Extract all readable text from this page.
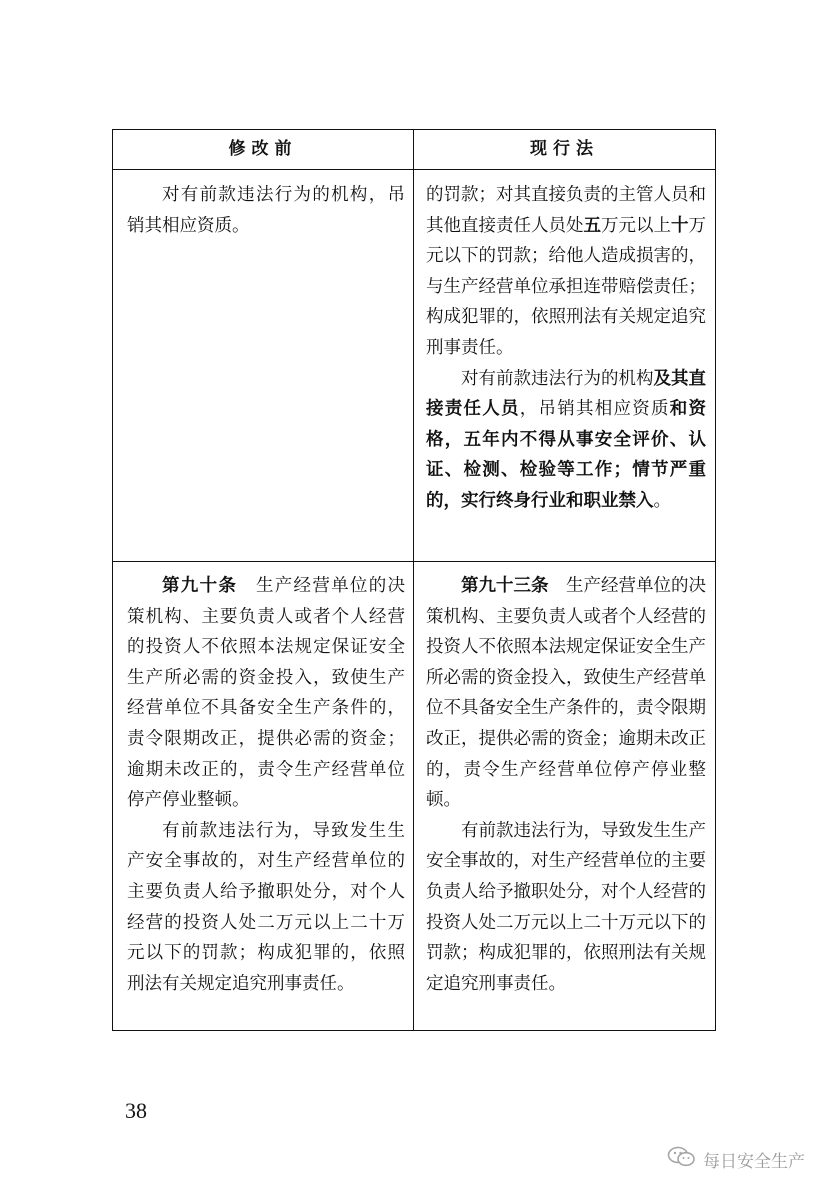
修改前	现行法

对有前款违法行为的机构，吊销其相应资质。

的罚款；对其直接负责的主管人员和其他直接责任人员处五万元以上十万元以下的罚款；给他人造成损害的，与生产经营单位承担连带赔偿责任；构成犯罪的，依照刑法有关规定追究刑事责任。

对有前款违法行为的机构及其直接责任人员，吊销其相应资质和资格，五年内不得从事安全评价、认证、检测、检验等工作；情节严重的，实行终身行业和职业禁入。

第九十条　生产经营单位的决策机构、主要负责人或者个人经营的投资人不依照本法规定保证安全生产所必需的资金投入，致使生产经营单位不具备安全生产条件的，责令限期改正，提供必需的资金；逾期未改正的，责令生产经营单位停产停业整顿。

有前款违法行为，导致发生生产安全事故的，对生产经营单位的主要负责人给予撤职处分，对个人经营的投资人处二万元以上二十万元以下的罚款；构成犯罪的，依照刑法有关规定追究刑事责任。

第九十三条　生产经营单位的决策机构、主要负责人或者个人经营的投资人不依照本法规定保证安全生产所必需的资金投入，致使生产经营单位不具备安全生产条件的，责令限期改正，提供必需的资金；逾期未改正的，责令生产经营单位停产停业整顿。

有前款违法行为，导致发生生产安全事故的，对生产经营单位的主要负责人给予撤职处分，对个人经营的投资人处二万元以上二十万元以下的罚款；构成犯罪的，依照刑法有关规定追究刑事责任。

38
每日安全生产
